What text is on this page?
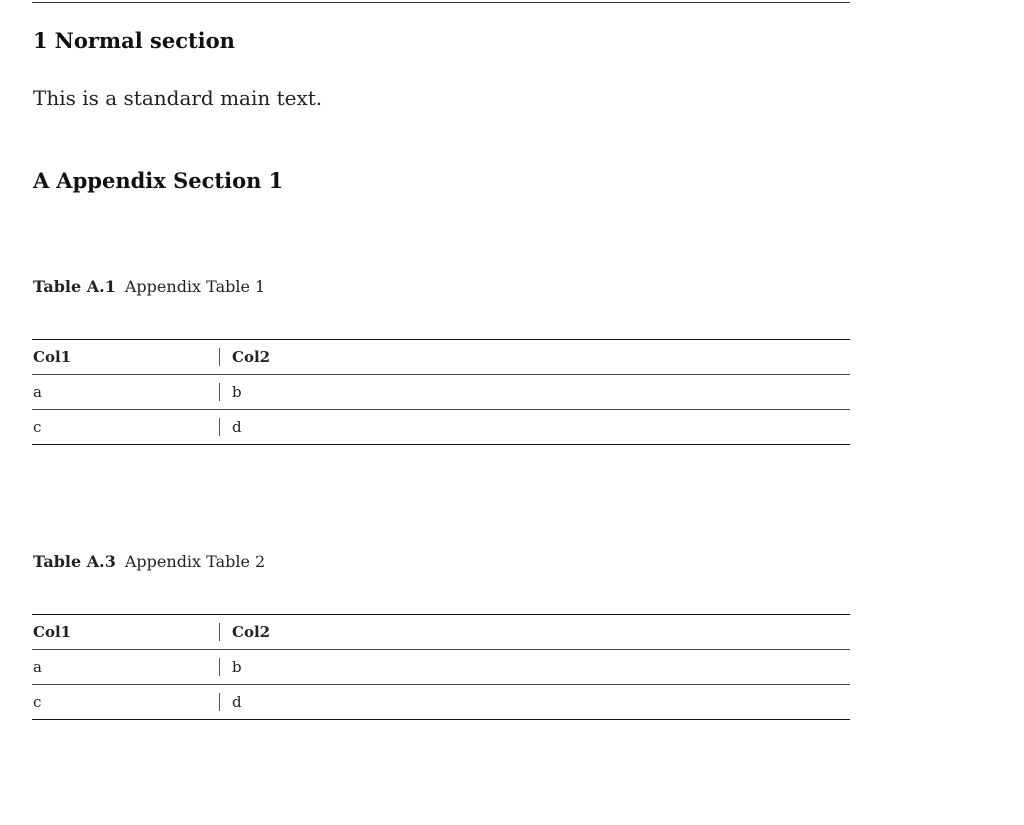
1 Normal section

This is a standard main text.

A Appendix Section 1

Table A.1 Appendix Table 1

Col1	Col2
a	b
c	d

Table A.3 Appendix Table 2

Col1	Col2
a	b
c	d
